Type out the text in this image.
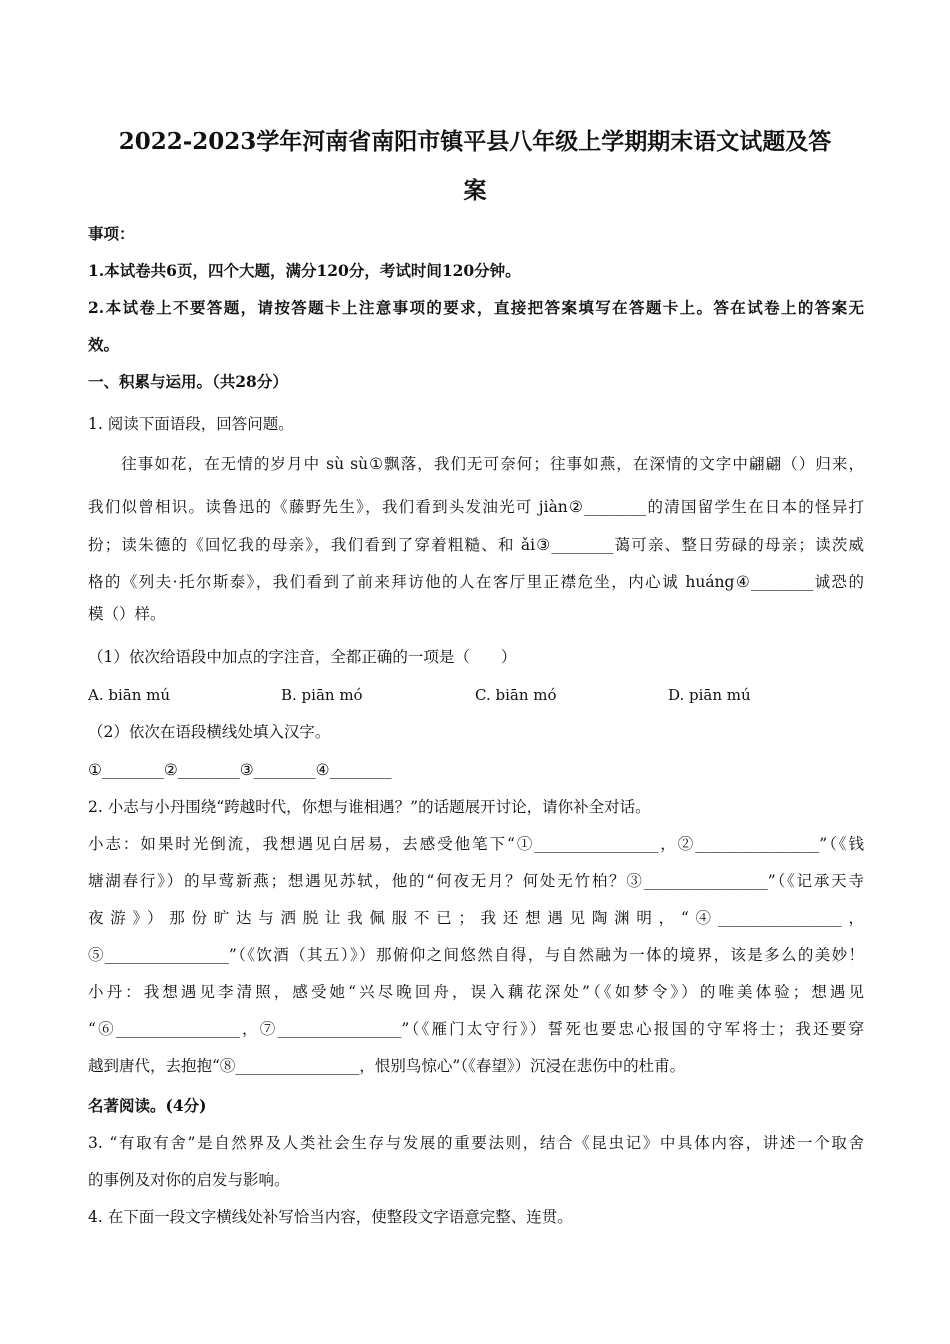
2022-2023学年河南省南阳市镇平县八年级上学期期末语文试题及答
案
事项：
1.本试卷共6页，四个大题，满分120分，考试时间120分钟。
2.本试卷上不要答题，请按答题卡上注意事项的要求，直接把答案填写在答题卡上。答在试卷上的答案无
效。
一、积累与运用。（共28分）
1. 阅读下面语段，回答问题。
　　往事如花，在无情的岁月中 sù sù①飘落，我们无可奈何；往事如燕，在深情的文字中翩翩（）归来，
我们似曾相识。读鲁迅的《藤野先生》，我们看到头发油光可 jiàn②________的清国留学生在日本的怪异打
扮；读朱德的《回忆我的母亲》，我们看到了穿着粗糙、和 ǎi③________蔼可亲、整日劳碌的母亲；读茨威
格的《列夫·托尔斯泰》，我们看到了前来拜访他的人在客厅里正襟危坐，内心诚 huáng④________诚恐的
模（）样。
（1）依次给语段中加点的字注音，全都正确的一项是（　　）
A. biān mú	B. piān mó	C. biān mó	D. piān mú
（2）依次在语段横线处填入汉字。
①________②________③________④________
2. 小志与小丹围绕“跨越时代，你想与谁相遇？”的话题展开讨论，请你补全对话。
小志：如果时光倒流，我想遇见白居易，去感受他笔下“①________________，②________________”（《钱
塘湖春行》）的早莺新燕；想遇见苏轼，他的“何夜无月？何处无竹柏？③________________”（《记承天寺
夜游》）那份旷达与洒脱让我佩服不已；我还想遇见陶渊明，“④________________，
⑤________________”（《饮酒（其五）》）那俯仰之间悠然自得，与自然融为一体的境界，该是多么的美妙！
小丹：我想遇见李清照，感受她“兴尽晚回舟，误入藕花深处”（《如梦令》）的唯美体验；想遇见
“⑥________________，⑦________________”（《雁门太守行》）誓死也要忠心报国的守军将士；我还要穿
越到唐代，去抱抱“⑧________________，恨别鸟惊心”（《春望》）沉浸在悲伤中的杜甫。
名著阅读。(4分)
3. “有取有舍”是自然界及人类社会生存与发展的重要法则，结合《昆虫记》中具体内容，讲述一个取舍
的事例及对你的启发与影响。
4. 在下面一段文字横线处补写恰当内容，使整段文字语意完整、连贯。
